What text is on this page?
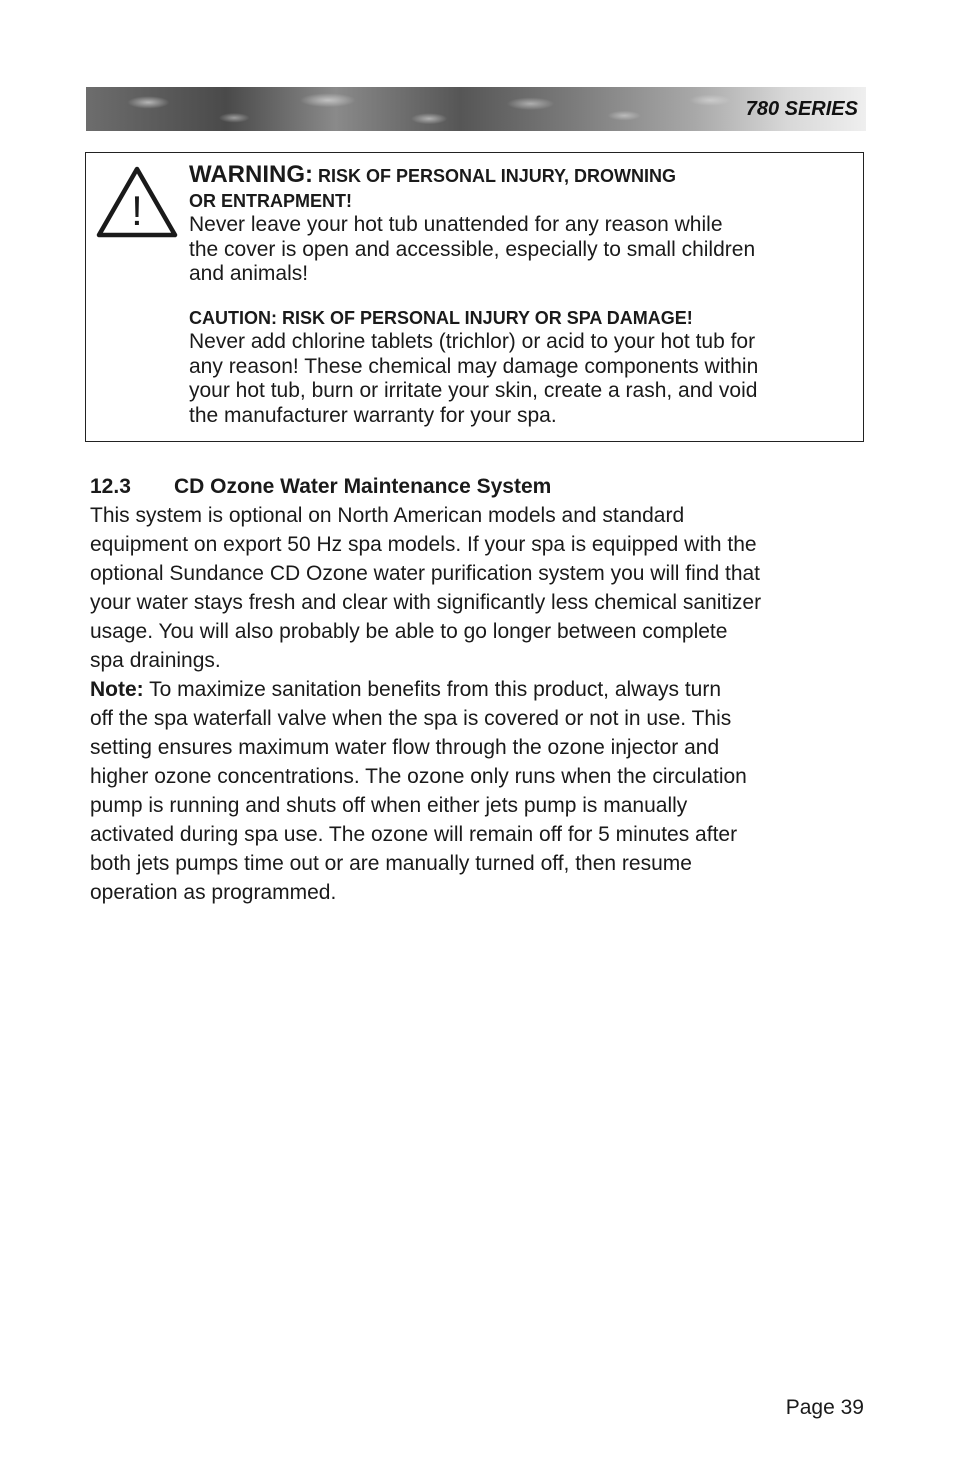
780 SERIES
!
WARNING: RISK OF PERSONAL INJURY, DROWNING
OR ENTRAPMENT!
Never leave your hot tub unattended for any reason while
the cover is open and accessible, especially to small children
and animals!
CAUTION: RISK OF PERSONAL INJURY OR SPA DAMAGE!
Never add chlorine tablets (trichlor) or acid to your hot tub for
any reason! These chemical may damage components within
your hot tub, burn or irritate your skin, create a rash, and void
the manufacturer warranty for your spa.
12.3 CD Ozone Water Maintenance System

This system is optional on North American models and standard
equipment on export 50 Hz spa models. If your spa is equipped with the
optional Sundance CD Ozone water purification system you will find that
your water stays fresh and clear with significantly less chemical sanitizer
usage. You will also probably be able to go longer between complete
spa drainings.

Note: To maximize sanitation benefits from this product, always turn
off the spa waterfall valve when the spa is covered or not in use. This
setting ensures maximum water flow through the ozone injector and
higher ozone concentrations. The ozone only runs when the circulation
pump is running and shuts off when either jets pump is manually
activated during spa use. The ozone will remain off for 5 minutes after
both jets pumps time out or are manually turned off, then resume
operation as programmed.

Page 39
